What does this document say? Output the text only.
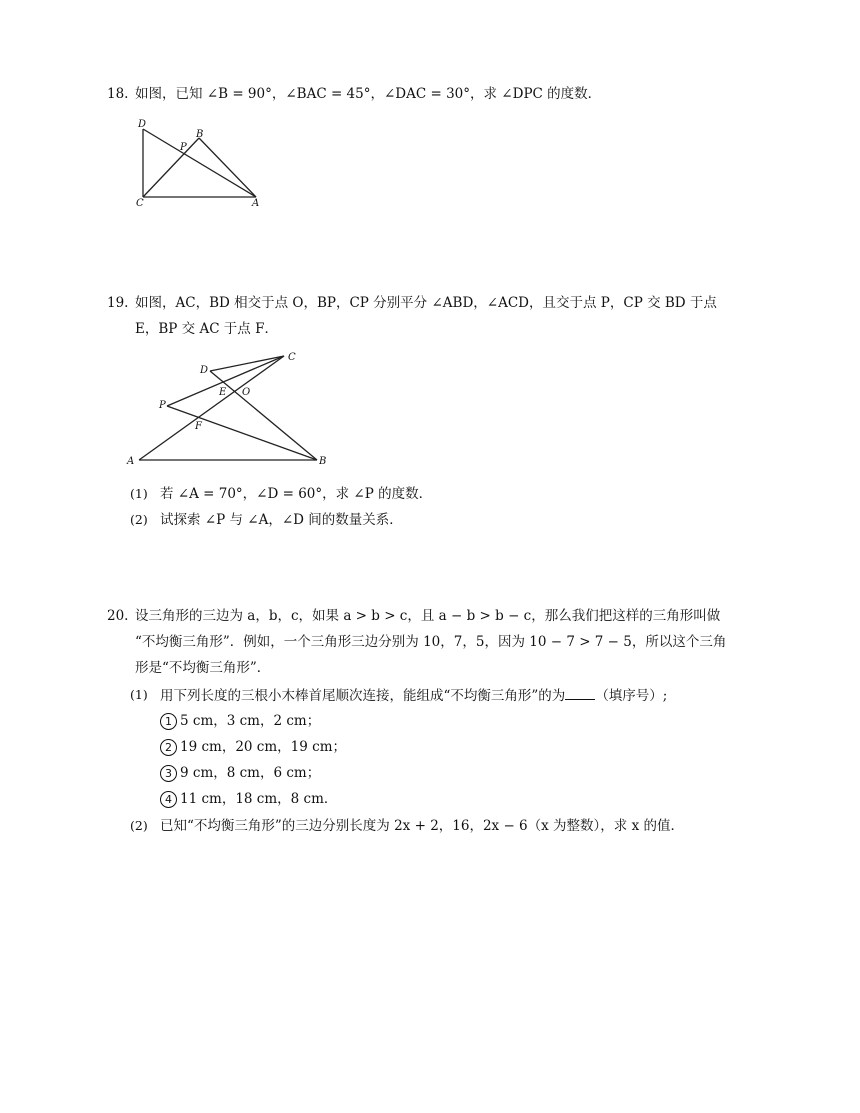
18. 如图，已知 ∠B = 90°，∠BAC = 45°，∠DAC = 30°，求 ∠DPC 的度数．
D
B
P
C	A
19. 如图，AC，BD 相交于点 O，BP，CP 分别平分 ∠ABD，∠ACD，且交于点 P，CP 交 BD 于点
E，BP 交 AC 于点 F．
D
C
E O
P
F
A	B
(1) 若 ∠A = 70°，∠D = 60°，求 ∠P 的度数．
(2) 试探索 ∠P 与 ∠A，∠D 间的数量关系．
20. 设三角形的三边为 a，b，c，如果 a > b > c，且 a − b > b − c，那么我们把这样的三角形叫做
“不均衡三角形”．例如，一个三角形三边分别为 10，7，5，因为 10 − 7 > 7 − 5，所以这个三角
形是“不均衡三角形”．
(1) 用下列长度的三根小木棒首尾顺次连接，能组成“不均衡三角形”的为 （填序号）;
1 5 cm，3 cm，2 cm；
2 19 cm，20 cm，19 cm；
3 9 cm，8 cm，6 cm；
4 11 cm，18 cm，8 cm．
(2) 已知“不均衡三角形”的三边分别长度为 2x + 2，16，2x − 6（x 为整数），求 x 的值．
